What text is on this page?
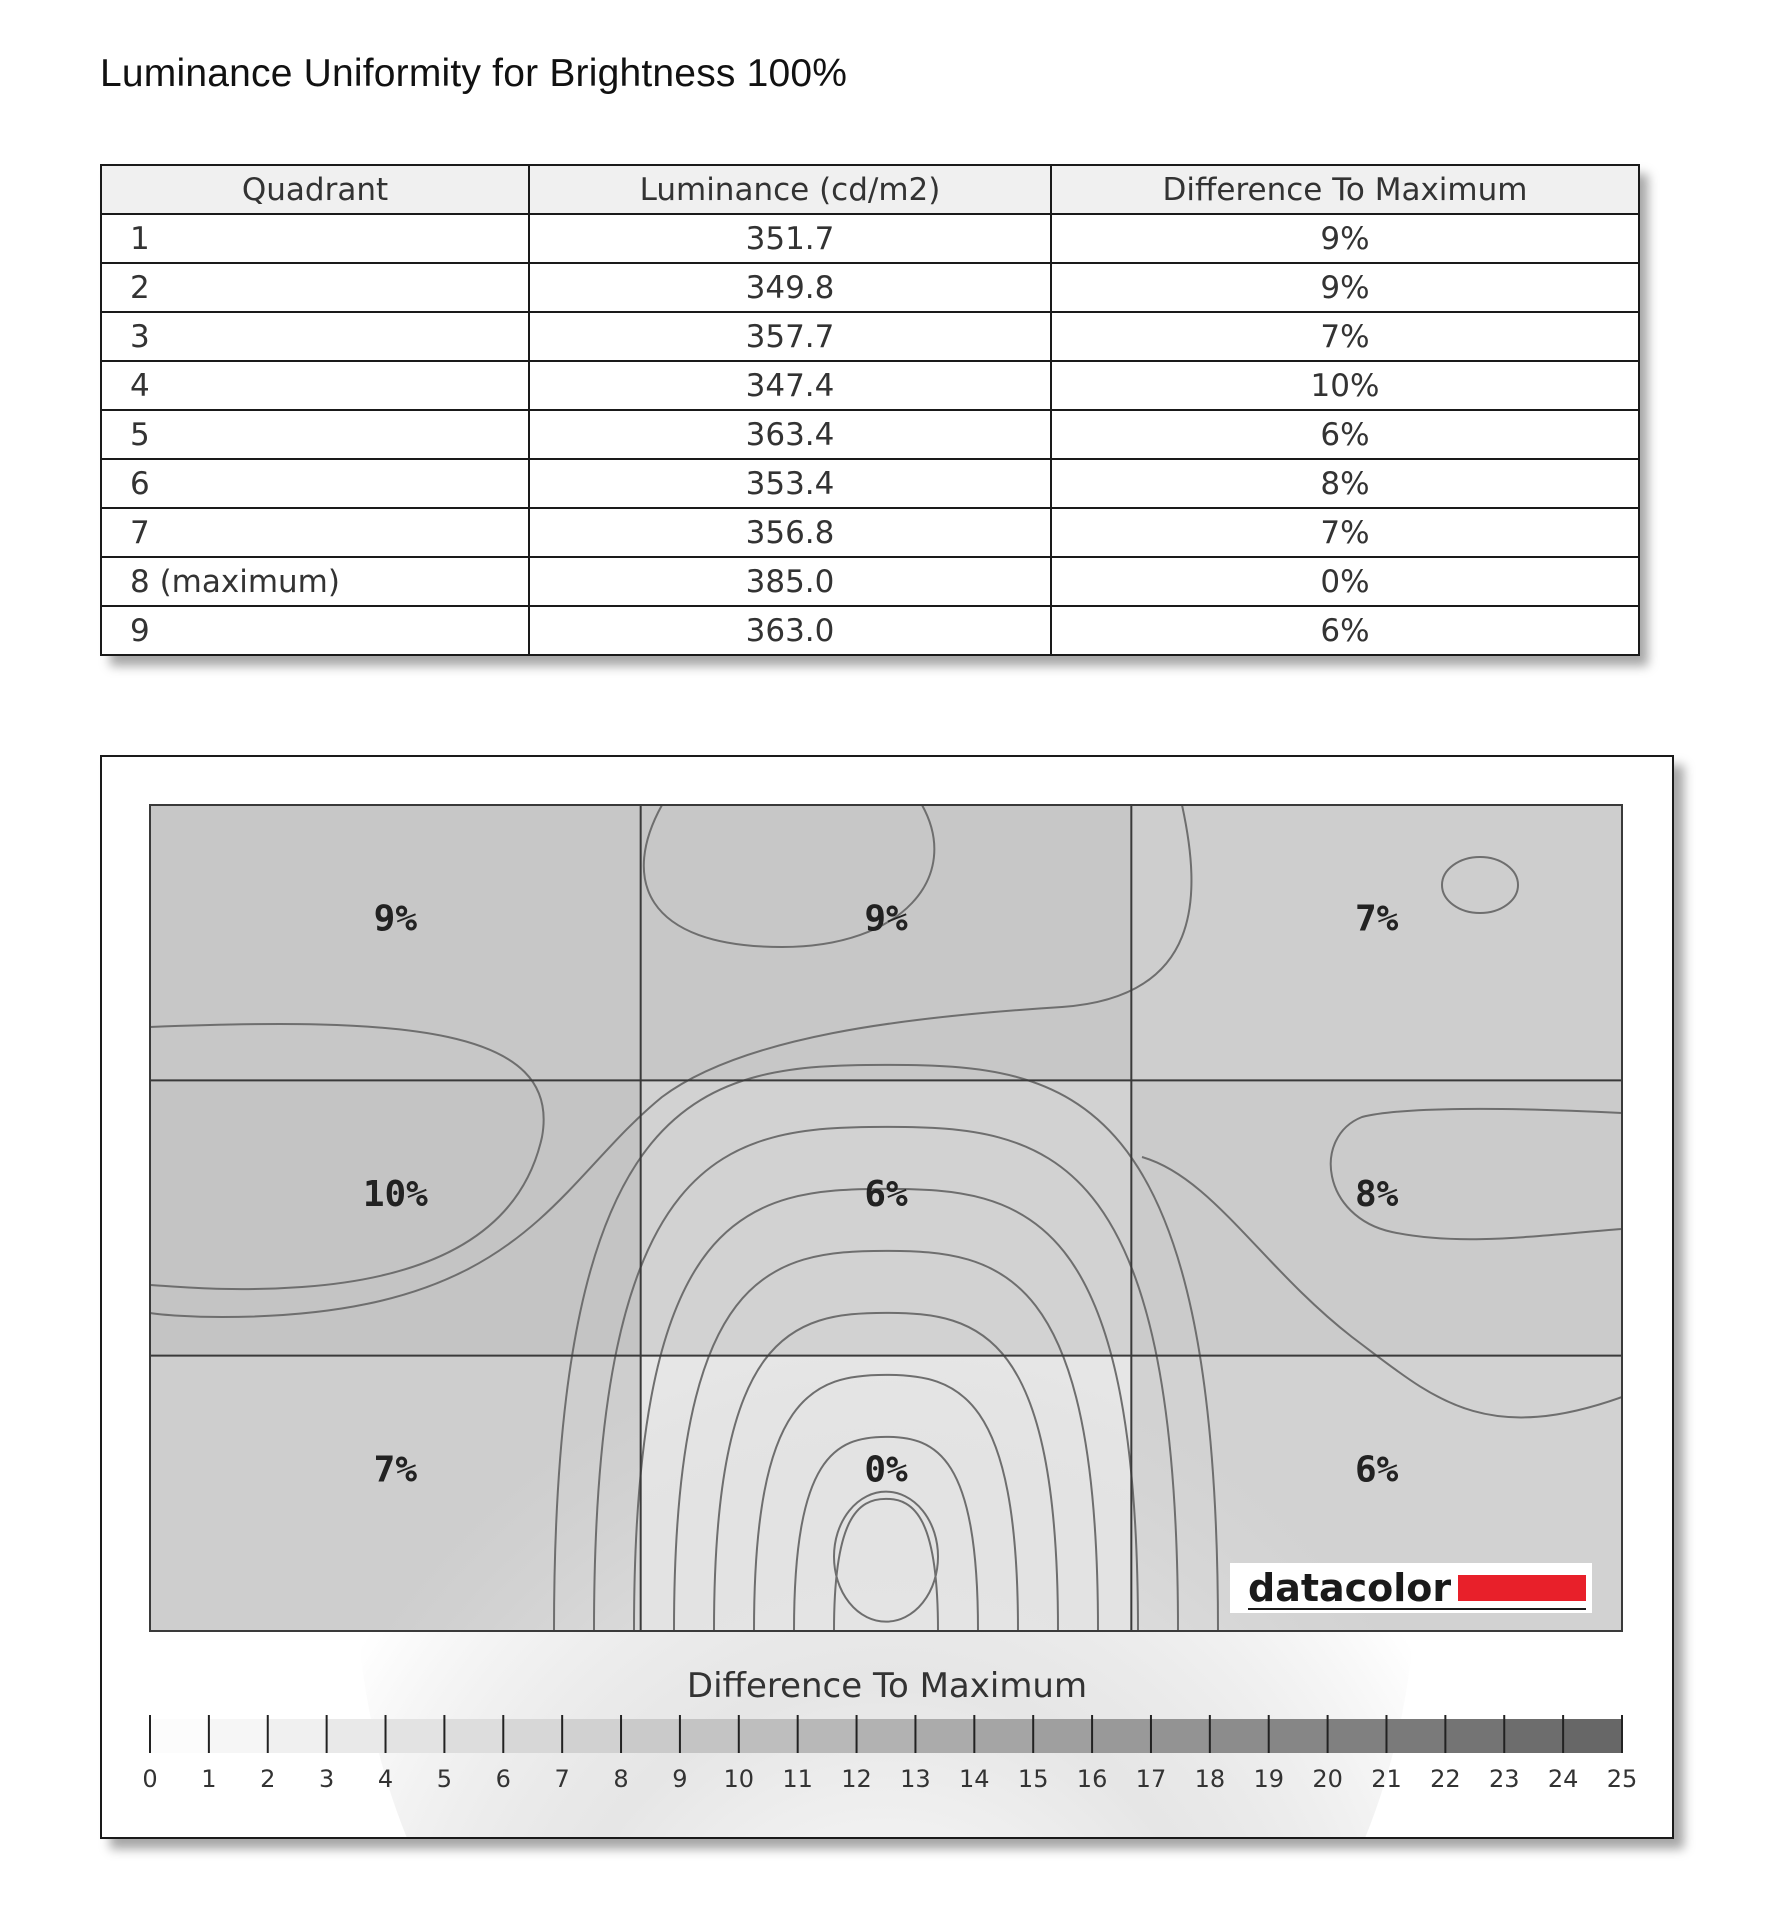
Luminance Uniformity for Brightness 100%
Quadrant	Luminance (cd/m2)	Difference To Maximum
1	351.7	9%
2	349.8	9%
3	357.7	7%
4	347.4	10%
5	363.4	6%
6	353.4	8%
7	356.8	7%
8 (maximum)	385.0	0%
9	363.0	6%
9%	9%	7%
10%	6%	8%
7%	0%	6%
datacolor
Difference To Maximum
0 1 2 3 4 5 6 7 8 9 10 11 12 13 14 15 16 17 18 19 20 21 22 23 24 25
